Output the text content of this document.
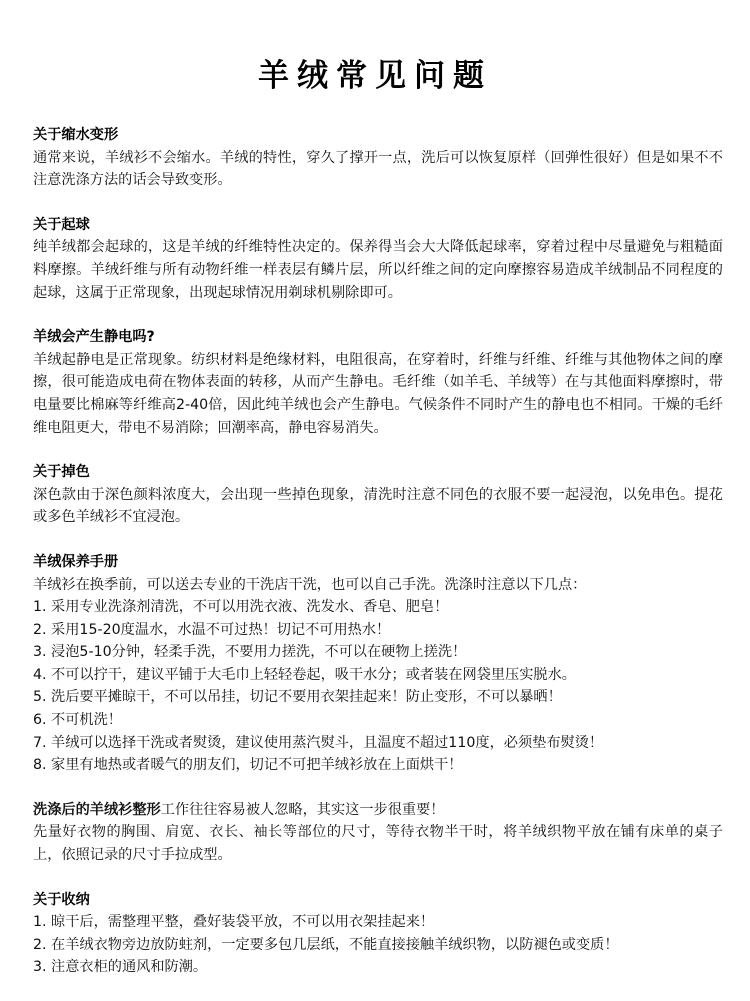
羊绒常见问题
关于缩水变形
通常来说，羊绒衫不会缩水。羊绒的特性，穿久了撑开一点，洗后可以恢复原样（回弹性很好）但是如果不不注意洗涤方法的话会导致变形。
关于起球
纯羊绒都会起球的，这是羊绒的纤维特性决定的。保养得当会大大降低起球率，穿着过程中尽量避免与粗糙面料摩擦。羊绒纤维与所有动物纤维一样表层有鳞片层，所以纤维之间的定向摩擦容易造成羊绒制品不同程度的起球，这属于正常现象，出现起球情况用剃球机剔除即可。
羊绒会产生静电吗?
羊绒起静电是正常现象。纺织材料是绝缘材料，电阻很高，在穿着时，纤维与纤维、纤维与其他物体之间的摩擦，很可能造成电荷在物体表面的转移，从而产生静电。毛纤维（如羊毛、羊绒等）在与其他面料摩擦时，带电量要比棉麻等纤维高2-40倍，因此纯羊绒也会产生静电。气候条件不同时产生的静电也不相同。干燥的毛纤维电阻更大，带电不易消除；回潮率高，静电容易消失。
关于掉色
深色款由于深色颜料浓度大，会出现一些掉色现象，清洗时注意不同色的衣服不要一起浸泡，以免串色。提花或多色羊绒衫不宜浸泡。
羊绒保养手册
羊绒衫在换季前，可以送去专业的干洗店干洗，也可以自己手洗。洗涤时注意以下几点：
1. 采用专业洗涤剂清洗，不可以用洗衣液、洗发水、香皂、肥皂！
2. 采用15-20度温水，水温不可过热！切记不可用热水！
3. 浸泡5-10分钟，轻柔手洗，不要用力搓洗，不可以在硬物上搓洗！
4. 不可以拧干，建议平铺于大毛巾上轻轻卷起，吸干水分；或者装在网袋里压实脱水。
5. 洗后要平摊晾干，不可以吊挂，切记不要用衣架挂起来！防止变形，不可以暴晒！
6. 不可机洗！
7. 羊绒可以选择干洗或者熨烫，建议使用蒸汽熨斗，且温度不超过110度，必须垫布熨烫！
8. 家里有地热或者暖气的朋友们，切记不可把羊绒衫放在上面烘干！
洗涤后的羊绒衫整形工作往往容易被人忽略，其实这一步很重要！
先量好衣物的胸围、肩宽、衣长、袖长等部位的尺寸，等待衣物半干时，将羊绒织物平放在铺有床单的桌子上，依照记录的尺寸手拉成型。
关于收纳
1. 晾干后，需整理平整，叠好装袋平放，不可以用衣架挂起来！
2. 在羊绒衣物旁边放防蛀剂，一定要多包几层纸，不能直接接触羊绒织物，以防褪色或变质！
3. 注意衣柜的通风和防潮。
